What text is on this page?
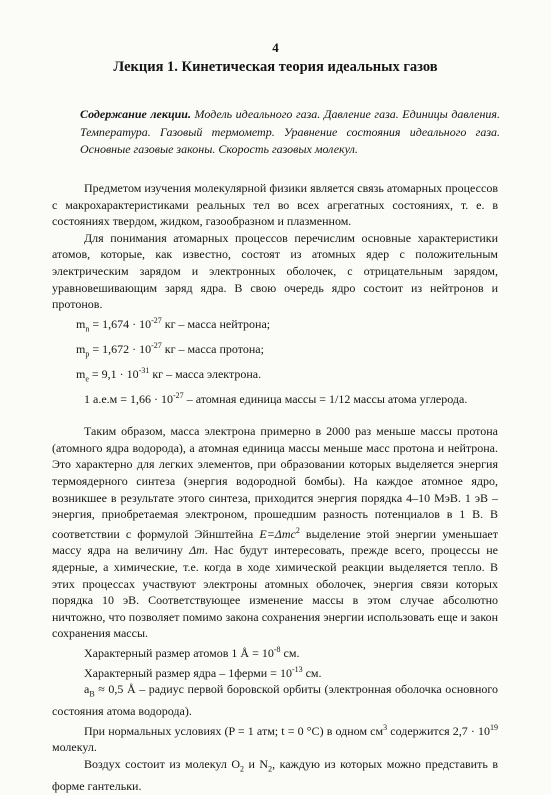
4
Лекция 1. Кинетическая теория идеальных газов
Содержание лекции. Модель идеального газа. Давление газа. Единицы давления. Температура. Газовый термометр. Уравнение состояния идеального газа. Основные газовые законы. Скорость газовых молекул.

Предметом изучения молекулярной физики является связь атомарных процессов с макрохарактеристиками реальных тел во всех агрегатных состояниях, т. е. в состояниях твердом, жидком, газообразном и плазменном.

Для понимания атомарных процессов перечислим основные характеристики атомов, которые, как известно, состоят из атомных ядер с положительным электрическим зарядом и электронных оболочек, с отрицательным зарядом, уравновешивающим заряд ядра. В свою очередь ядро состоит из нейтронов и протонов.

$m_n = 1,674 \cdot 10^{-27}$ кг – масса нейтрона;

$m_p = 1,672 \cdot 10^{-27}$ кг – масса протона;

$m_e = 9,1 \cdot 10^{-31}$ кг – масса электрона.

1 $а.е.м = 1,66 \cdot 10^{-27}$ – атомная единица массы = 1/12 массы атома углерода.

Таким образом, масса электрона примерно в 2000 раз меньше массы протона (атомного ядра водорода), а атомная единица массы меньше масс протона и нейтрона. Это характерно для легких элементов, при образовании которых выделяется энергия термоядерного синтеза (энергия водородной бомбы). На каждое атомное ядро, возникшее в результате этого синтеза, приходится энергия порядка 4–10 МэВ. 1 эВ – энергия, приобретаемая электроном, прошедшим разность потенциалов в 1 В. В соответствии с формулой Эйнштейна E=Δmc$^2$ выделение этой энергии уменьшает массу ядра на величину Δm. Нас будут интересовать, прежде всего, процессы не ядерные, а химические, т.е. когда в ходе химической реакции выделяется тепло. В этих процессах участвуют электроны атомных оболочек, энергия связи которых порядка 10 эВ. Соответствующее изменение массы в этом случае абсолютно ничтожно, что позволяет помимо закона сохранения энергии использовать еще и закон сохранения массы.

Характерный размер атомов 1 Å = $10^{-8}$ см.

Характерный размер ядра – 1ферми = $10^{-13}$ см.

$a_B \approx 0,5$ Å – радиус первой боровской орбиты (электронная оболочка основного состояния атома водорода).

При нормальных условиях (P = 1 атм; t = 0 °C) в одном $см^3$ содержится $2,7 \cdot 10^{19}$ молекул.

Воздух состоит из молекул $O_2$ и $N_2$, каждую из которых можно представить в форме гантельки.
